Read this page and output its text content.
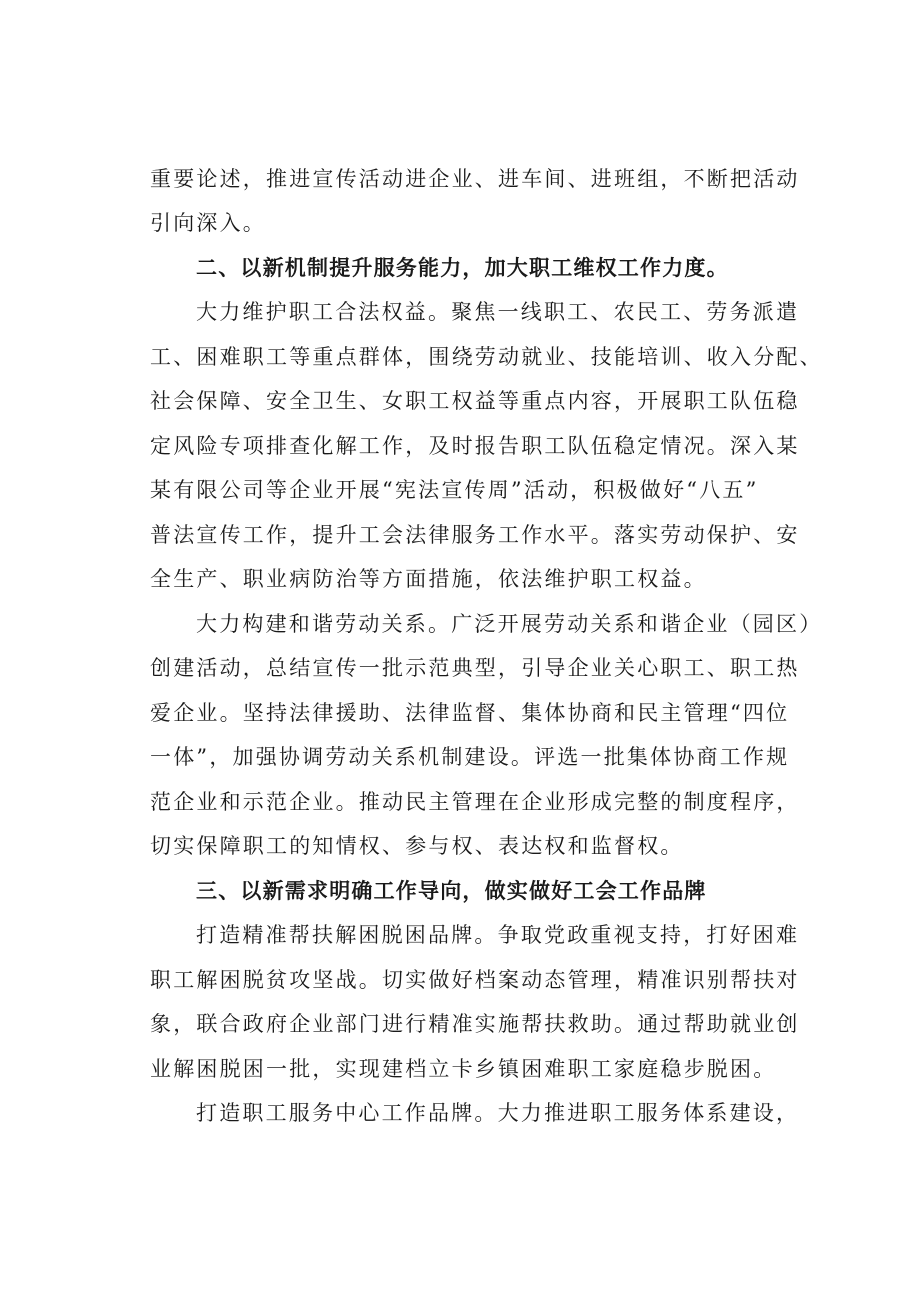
重要论述，推进宣传活动进企业、进车间、进班组，不断把活动
引向深入。
二、以新机制提升服务能力，加大职工维权工作力度。
大力维护职工合法权益。聚焦一线职工、农民工、劳务派遣
工、困难职工等重点群体，围绕劳动就业、技能培训、收入分配、
社会保障、安全卫生、女职工权益等重点内容，开展职工队伍稳
定风险专项排查化解工作，及时报告职工队伍稳定情况。深入某
某有限公司等企业开展“宪法宣传周”活动，积极做好“八五”
普法宣传工作，提升工会法律服务工作水平。落实劳动保护、安
全生产、职业病防治等方面措施，依法维护职工权益。
大力构建和谐劳动关系。广泛开展劳动关系和谐企业（园区）
创建活动，总结宣传一批示范典型，引导企业关心职工、职工热
爱企业。坚持法律援助、法律监督、集体协商和民主管理“四位
一体”，加强协调劳动关系机制建设。评选一批集体协商工作规
范企业和示范企业。推动民主管理在企业形成完整的制度程序，
切实保障职工的知情权、参与权、表达权和监督权。
三、以新需求明确工作导向，做实做好工会工作品牌
打造精准帮扶解困脱困品牌。争取党政重视支持，打好困难
职工解困脱贫攻坚战。切实做好档案动态管理，精准识别帮扶对
象，联合政府企业部门进行精准实施帮扶救助。通过帮助就业创
业解困脱困一批，实现建档立卡乡镇困难职工家庭稳步脱困。
打造职工服务中心工作品牌。大力推进职工服务体系建设，
